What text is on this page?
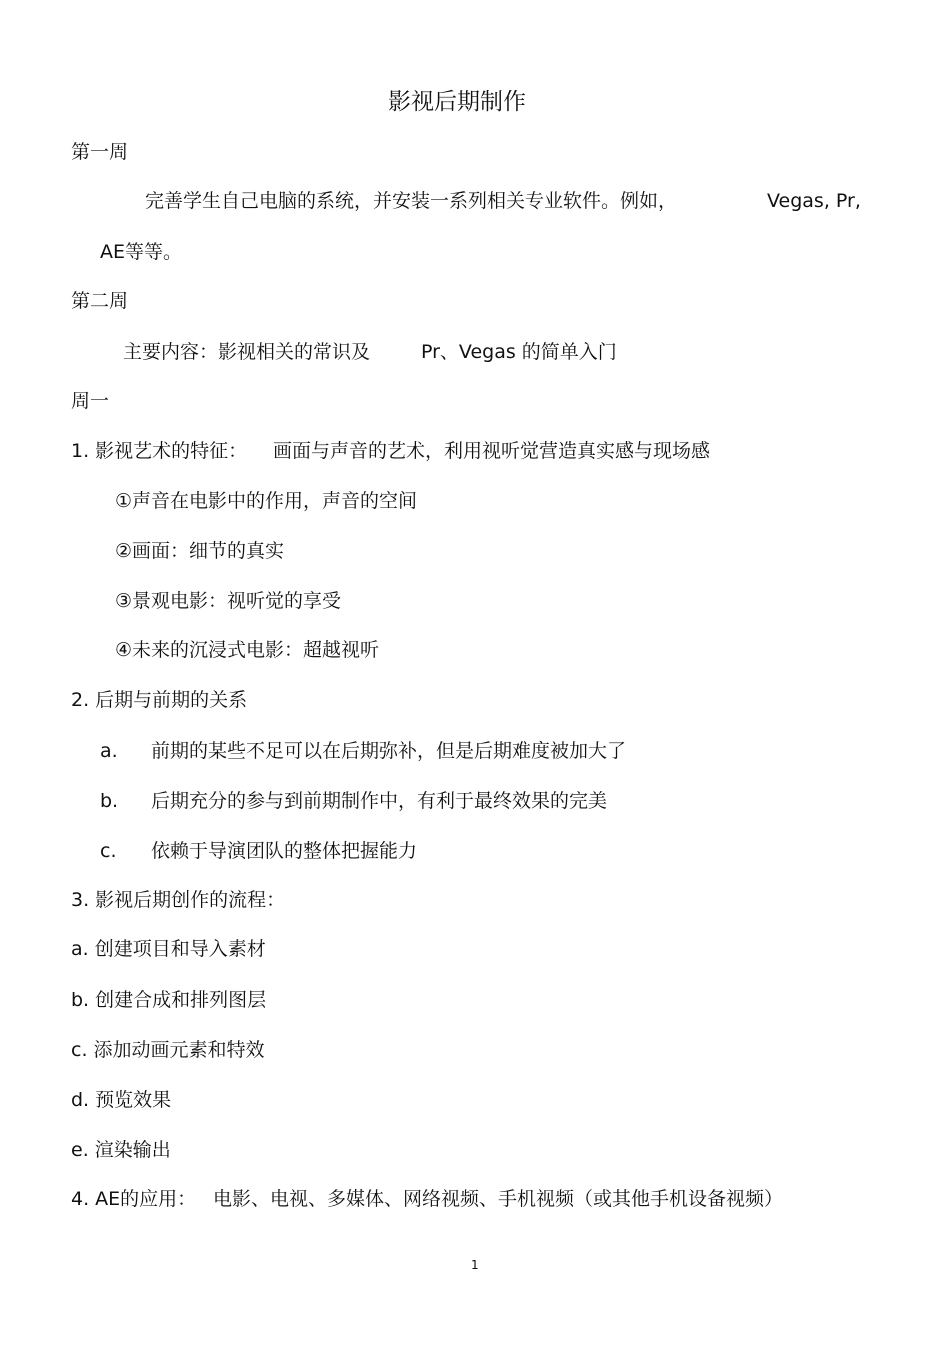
影视后期制作
第一周
完善学生自己电脑的系统，并安装一系列相关专业软件。例如，	Vegas, Pr,
AE等等。
第二周
主要内容：影视相关的常识及	Pr、Vegas 的简单入门
周一
1. 影视艺术的特征： 画面与声音的艺术，利用视听觉营造真实感与现场感
①声音在电影中的作用，声音的空间
②画面：细节的真实
③景观电影：视听觉的享受
④未来的沉浸式电影：超越视听
2. 后期与前期的关系
a. 前期的某些不足可以在后期弥补，但是后期难度被加大了
b. 后期充分的参与到前期制作中，有利于最终效果的完美
c. 依赖于导演团队的整体把握能力
3. 影视后期创作的流程：
a. 创建项目和导入素材
b. 创建合成和排列图层
c. 添加动画元素和特效
d. 预览效果
e. 渲染输出
4. AE的应用： 电影、电视、多媒体、网络视频、手机视频（或其他手机设备视频）
1
